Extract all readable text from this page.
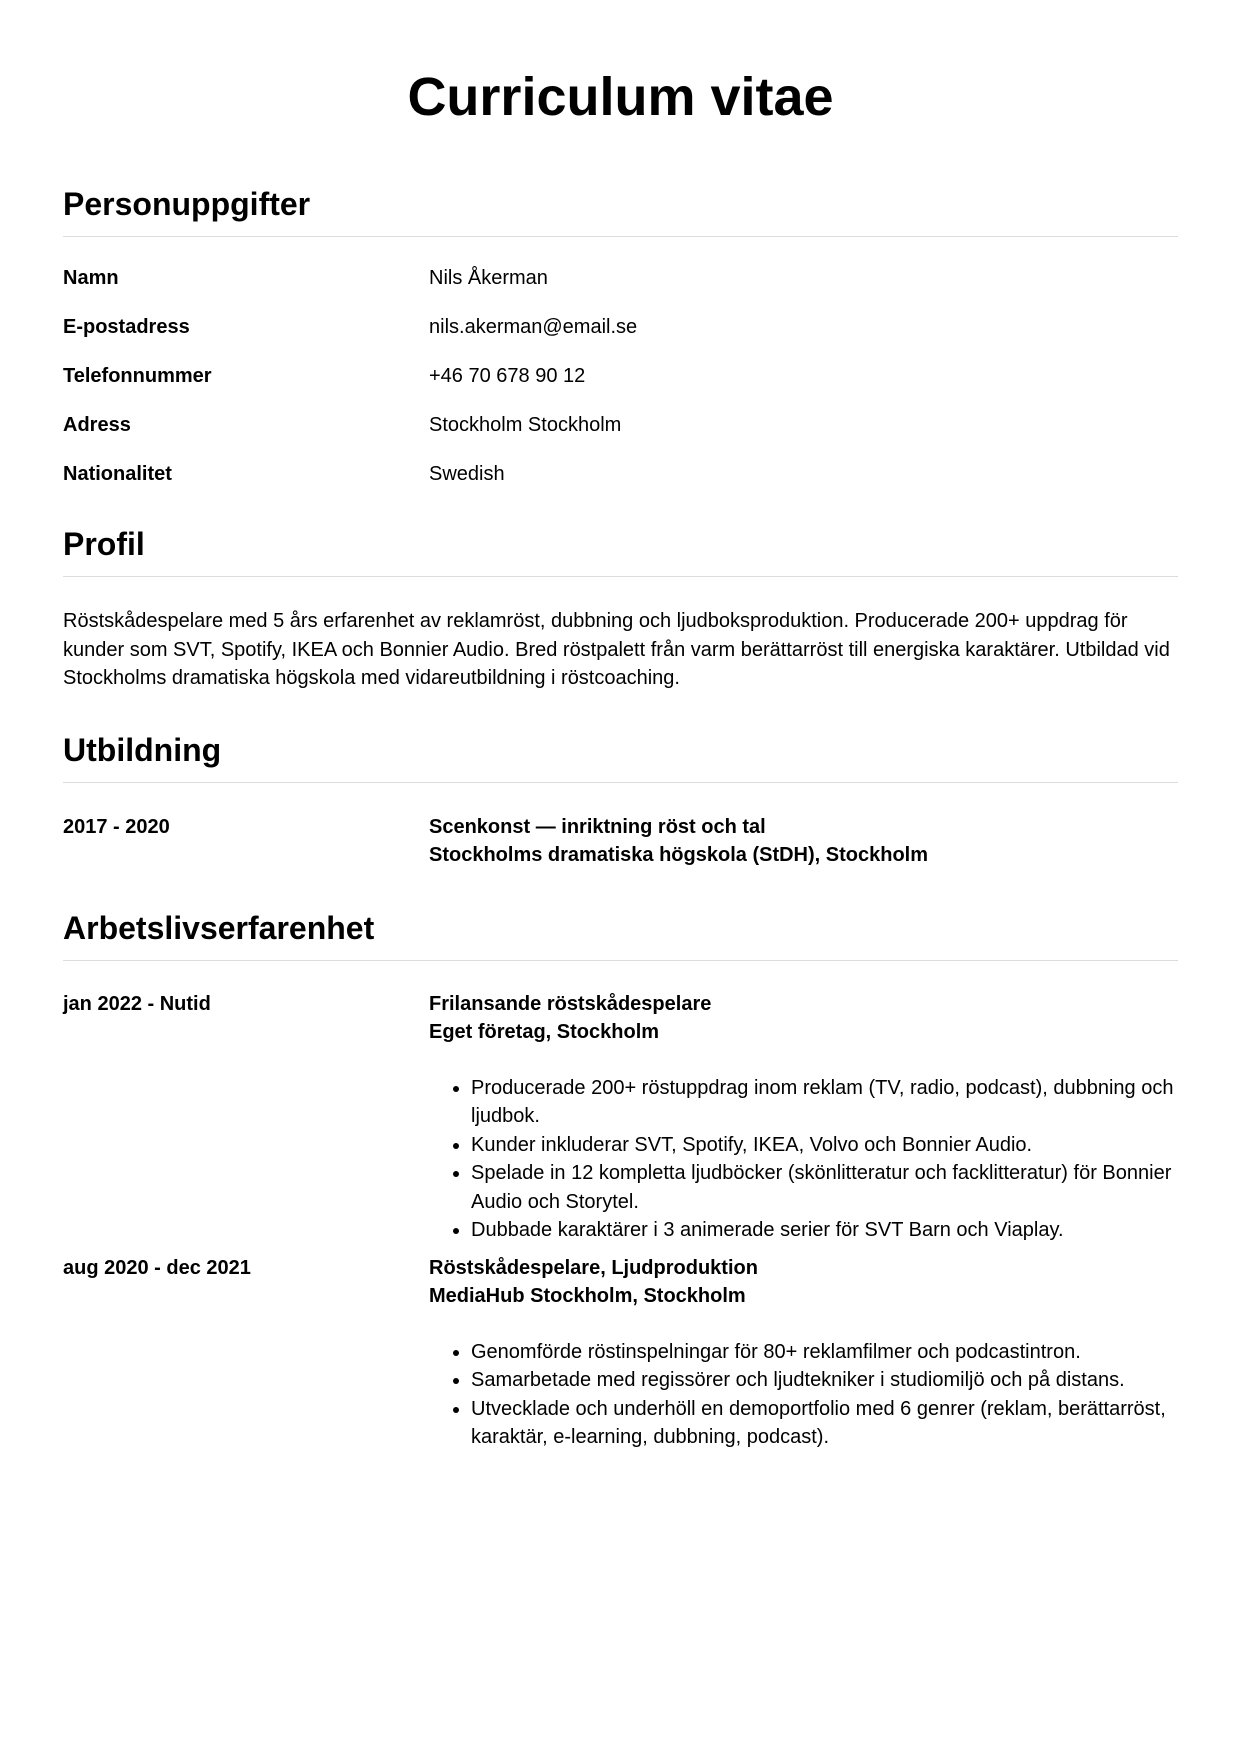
Curriculum vitae
Personuppgifter
Namn	Nils Åkerman
E-postadress	nils.akerman@email.se
Telefonnummer	+46 70 678 90 12
Adress	Stockholm Stockholm
Nationalitet	Swedish
Profil

Röstskådespelare med 5 års erfarenhet av reklamröst, dubbning och ljudboksproduktion. Producerade 200+ uppdrag för kunder som SVT, Spotify, IKEA och Bonnier Audio. Bred röstpalett från varm berättarröst till energiska karaktärer. Utbildad vid Stockholms dramatiska högskola med vidareutbildning i röstcoaching.

Utbildning
2017 - 2020	Scenkonst — inriktning röst och tal
Stockholms dramatiska högskola (StDH), Stockholm
Arbetslivserfarenhet
jan 2022 - Nutid	Frilansande röstskådespelare
Eget företag, Stockholm
• Producerade 200+ röstuppdrag inom reklam (TV, radio, podcast), dubbning och ljudbok.
• Kunder inkluderar SVT, Spotify, IKEA, Volvo och Bonnier Audio.
• Spelade in 12 kompletta ljudböcker (skönlitteratur och facklitteratur) för Bonnier Audio och Storytel.
• Dubbade karaktärer i 3 animerade serier för SVT Barn och Viaplay.
aug 2020 - dec 2021	Röstskådespelare, Ljudproduktion
MediaHub Stockholm, Stockholm
• Genomförde röstinspelningar för 80+ reklamfilmer och podcastintron.
• Samarbetade med regissörer och ljudtekniker i studiomiljö och på distans.
• Utvecklade och underhöll en demoportfolio med 6 genrer (reklam, berättarröst, karaktär, e-learning, dubbning, podcast).
